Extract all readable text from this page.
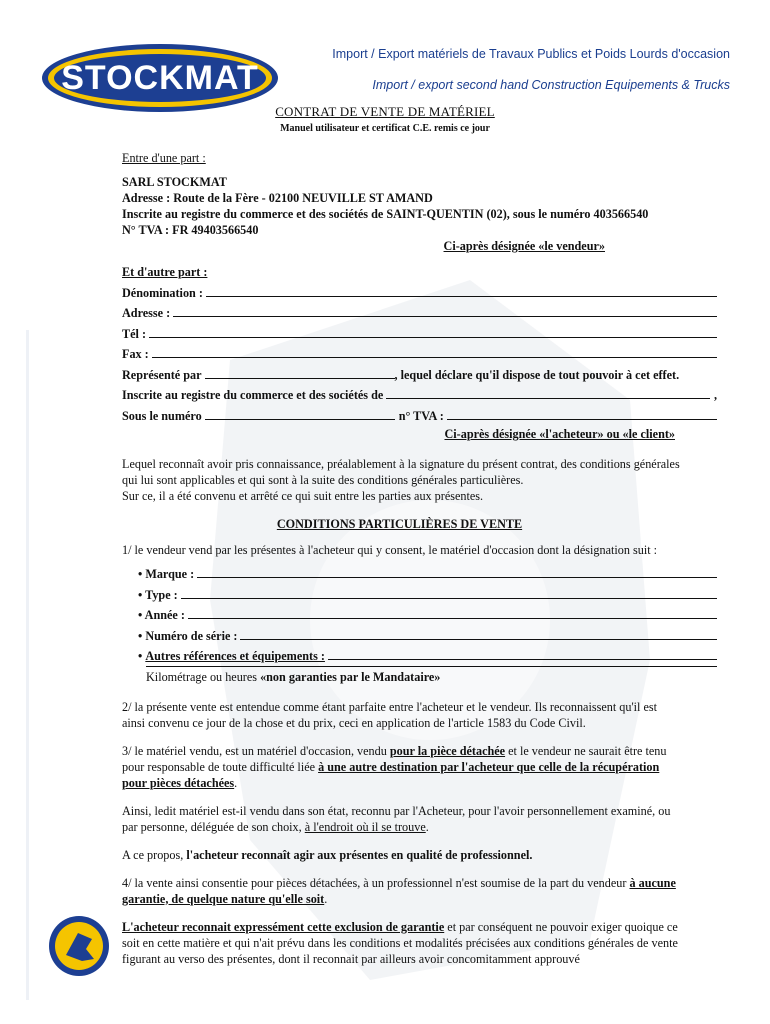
STOCKMAT
Import / Export matériels de Travaux Publics et Poids Lourds d'occasion
Import / export second hand Construction Equipements & Trucks
CONTRAT DE VENTE DE MATÉRIEL
Manuel utilisateur et certificat C.E. remis ce jour
Entre d'une part :
SARL STOCKMAT
Adresse : Route de la Fère - 02100 NEUVILLE ST AMAND
Inscrite au registre du commerce et des sociétés de SAINT-QUENTIN (02), sous le numéro 403566540
N° TVA : FR 49403566540
Ci-après désignée «le vendeur»
Et d'autre part :
Dénomination :
Adresse :
Tél :
Fax :
Représenté par	, lequel déclare qu'il dispose de tout pouvoir à cet effet.
Inscrite au registre du commerce et des sociétés de	,
Sous le numéro	n° TVA :
Ci-après désignée «l'acheteur» ou «le client»
Lequel reconnaît avoir pris connaissance, préalablement à la signature du présent contrat, des conditions générales
qui lui sont applicables et qui sont à la suite des conditions générales particulières.
Sur ce, il a été convenu et arrêté ce qui suit entre les parties aux présentes.
CONDITIONS PARTICULIÈRES DE VENTE
1/ le vendeur vend par les présentes à l'acheteur qui y consent, le matériel d'occasion dont la désignation suit :
• Marque :
• Type :
• Année :
• Numéro de série :
• Autres références et équipements :
Kilométrage ou heures «non garanties par le Mandataire»
2/ la présente vente est entendue comme étant parfaite entre l'acheteur et le vendeur. Ils reconnaissent qu'il est
ainsi convenu ce jour de la chose et du prix, ceci en application de l'article 1583 du Code Civil.
3/ le matériel vendu, est un matériel d'occasion, vendu pour la pièce détachée et le vendeur ne saurait être tenu
pour responsable de toute difficulté liée à une autre destination par l'acheteur que celle de la récupération
pour pièces détachées.
Ainsi, ledit matériel est-il vendu dans son état, reconnu par l'Acheteur, pour l'avoir personnellement examiné, ou
par personne, déléguée de son choix, à l'endroit où il se trouve.
A ce propos, l'acheteur reconnaît agir aux présentes en qualité de professionnel.
4/ la vente ainsi consentie pour pièces détachées, à un professionnel n'est soumise de la part du vendeur à aucune
garantie, de quelque nature qu'elle soit.
L'acheteur reconnait expressément cette exclusion de garantie et par conséquent ne pouvoir exiger quoique ce
soit en cette matière et qui n'ait prévu dans les conditions et modalités précisées aux conditions générales de vente
figurant au verso des présentes, dont il reconnait par ailleurs avoir concomitamment approuvé
